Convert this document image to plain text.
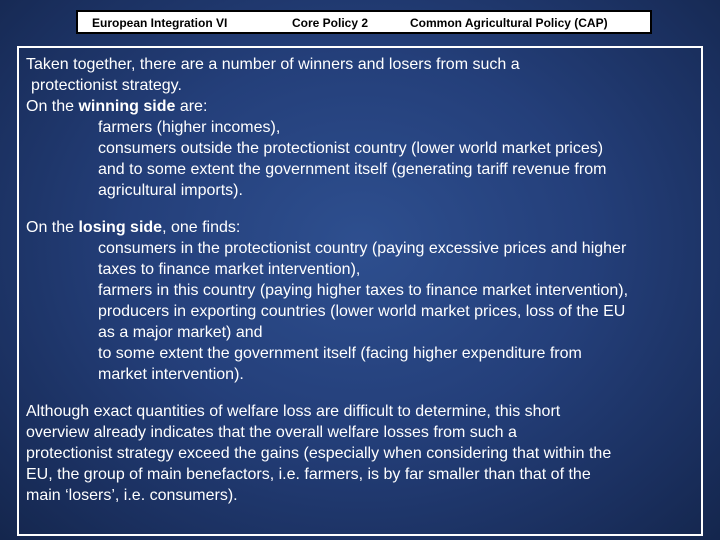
European Integration VI	Core Policy 2	Common Agricultural Policy (CAP)

Taken together, there are a number of winners and losers from such a

protectionist strategy.

On the winning side are:

farmers (higher incomes),

consumers outside the protectionist country (lower world market prices)

and to some extent the government itself (generating tariff revenue from

agricultural imports).

On the losing side, one finds:

consumers in the protectionist country (paying excessive prices and higher

taxes to finance market intervention),

farmers in this country (paying higher taxes to finance market intervention),

producers in exporting countries (lower world market prices, loss of the EU

as a major market) and

to some extent the government itself (facing higher expenditure from

market intervention).

Although exact quantities of welfare loss are difficult to determine, this short

overview already indicates that the overall welfare losses from such a

protectionist strategy exceed the gains (especially when considering that within the

EU, the group of main benefactors, i.e. farmers, is by far smaller than that of the

main ‘losers’, i.e. consumers).
